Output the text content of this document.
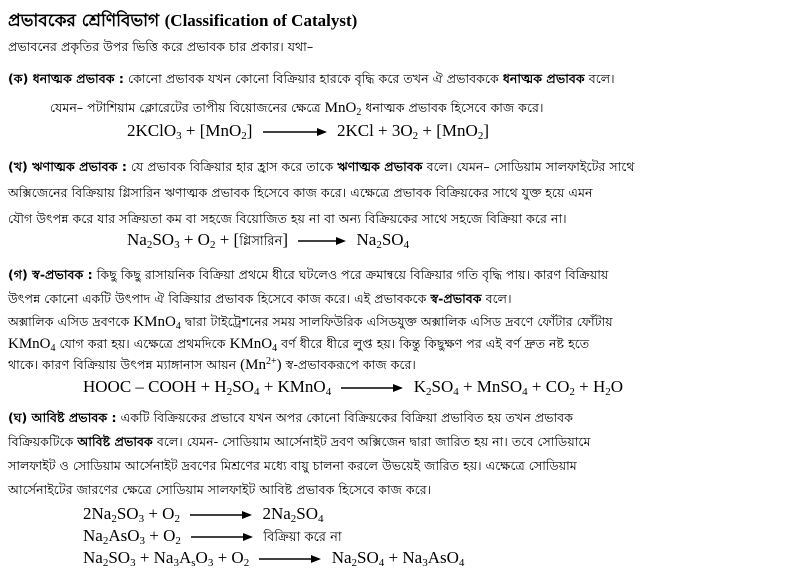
প্রভাবকের শ্রেণিবিভাগ (Classification of Catalyst)
প্রভাবনের প্রকৃতির উপর ভিত্তি করে প্রভাবক চার প্রকার। যথা–
(ক) ধনাত্মক প্রভাবক : কোনো প্রভাবক যখন কোনো বিক্রিয়ার হারকে বৃদ্ধি করে তখন ঐ প্রভাবককে ধনাত্মক প্রভাবক বলে।
যেমন– পটাশিয়াম ক্লোরেটের তাপীয় বিয়োজনের ক্ষেত্রে MnO$_2$ ধনাত্মক প্রভাবক হিসেবে কাজ করে।
2KClO$_3$ + $[MnO_2] \to 2KCl + 3O_2 + [MnO_2]$
(খ) ঋণাত্মক প্রভাবক : যে প্রভাবক বিক্রিয়ার হার হ্রাস করে তাকে ঋণাত্মক প্রভাবক বলে। যেমন– সোডিয়াম সালফাইটের সাথে
অক্সিজেনের বিক্রিয়ায় গ্লিসারিন ঋণাত্মক প্রভাবক হিসেবে কাজ করে। এক্ষেত্রে প্রভাবক বিক্রিয়কের সাথে যুক্ত হয়ে এমন
যৌগ উৎপন্ন করে যার সক্রিয়তা কম বা সহজে বিয়োজিত হয় না বা অন্য বিক্রিয়কের সাথে সহজে বিক্রিয়া করে না।
$Na_2SO_3 + O_2$ + [গ্লিসারিন] → $Na_2SO_4$
(গ) স্ব-প্রভাবক : কিছু কিছু রাসায়নিক বিক্রিয়া প্রথমে ধীরে ঘটলেও পরে ক্রমান্বয়ে বিক্রিয়ার গতি বৃদ্ধি পায়। কারণ বিক্রিয়ায়
উৎপন্ন কোনো একটি উৎপাদ ঐ বিক্রিয়ার প্রভাবক হিসেবে কাজ করে। এই প্রভাবককে স্ব-প্রভাবক বলে।
অক্সালিক এসিড দ্রবণকে KMnO$_4$ দ্বারা টাইট্রেশনের সময় সালফিউরিক এসিডযুক্ত অক্সালিক এসিড দ্রবণে ফোঁটার ফোঁটায়
KMnO$_4$ যোগ করা হয়। এক্ষেত্রে প্রথমদিকে KMnO$_4$ বর্ণ ধীরে ধীরে লুপ্ত হয়। কিন্তু কিছুক্ষণ পর এই বর্ণ দ্রুত নষ্ট হতে
থাকে। কারণ বিক্রিয়ায় উৎপন্ন ম্যাঙ্গানাস আয়ন $(Mn^{2+})$ স্ব-প্রভাবকরূপে কাজ করে।
HOOC – COOH + $H_2SO_4$ + KMnO$_4$ → $K_2SO_4$ + MnSO$_4$ + $CO_2 + H_2O$
(ঘ) আবিষ্ট প্রভাবক : একটি বিক্রিয়কের প্রভাবে যখন অপর কোনো বিক্রিয়কের বিক্রিয়া প্রভাবিত হয় তখন প্রভাবক
বিক্রিয়কটিকে আবিষ্ট প্রভাবক বলে। যেমন- সোডিয়াম আর্সেনাইট দ্রবণ অক্সিজেন দ্বারা জারিত হয় না। তবে সোডিয়ামে
সালফাইট ও সোডিয়াম আর্সেনাইট দ্রবণের মিশ্রণের মধ্যে বায়ু চালনা করলে উভয়েই জারিত হয়। এক্ষেত্রে সোডিয়াম
আর্সেনাইটের জারণের ক্ষেত্রে সোডিয়াম সালফাইট আবিষ্ট প্রভাবক হিসেবে কাজ করে।
$2Na_2SO_3 + O_2 \to 2Na_2SO_4$
$Na_2AsO_3 + O_2$ → বিক্রিয়া করে না
$Na_2SO_3 + Na_3A_sO_3 + O_2 \to Na_2SO_4 + Na_3AsO_4$
